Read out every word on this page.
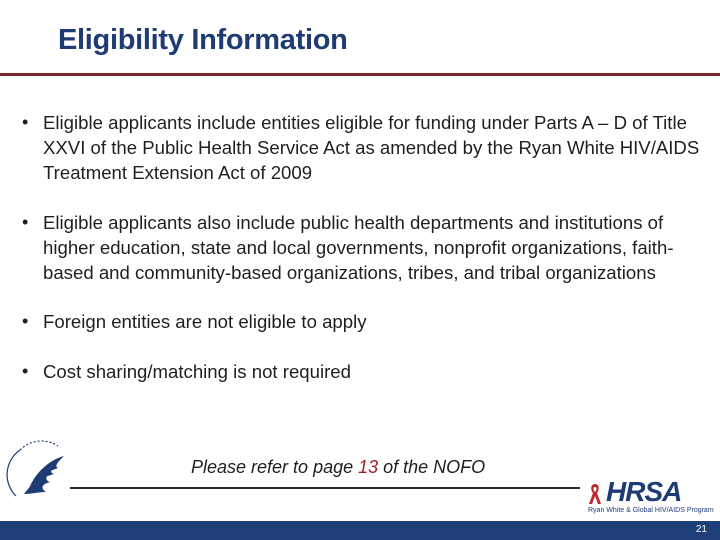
Eligibility Information
• Eligible applicants include entities eligible for funding under Parts A – D of Title XXVI of the Public Health Service Act as amended by the Ryan White HIV/AIDS Treatment Extension Act of 2009
• Eligible applicants also include public health departments and institutions of higher education, state and local governments, nonprofit organizations, faith-based and community-based organizations, tribes, and tribal organizations
• Foreign entities are not eligible to apply
• Cost sharing/matching is not required
Please refer to page 13 of the NOFO
HRSA
Ryan White & Global HIV/AIDS Program
21
